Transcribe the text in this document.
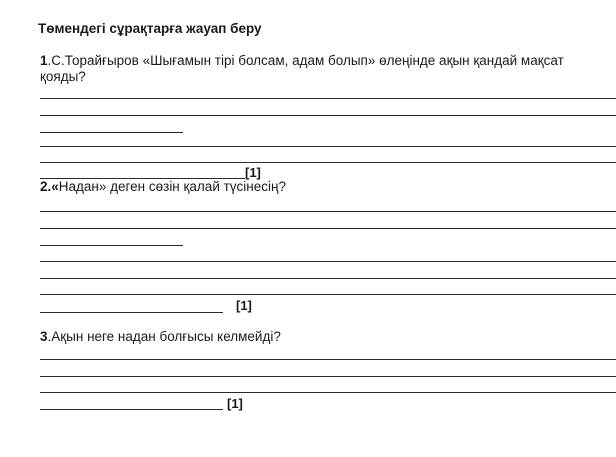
Төмендегі сұрақтарға жауап беру
1.С.Торайғыров «Шығамын тірі болсам, адам болып» өлеңінде ақын қандай мақсат
қояды?
[1]
2.«Надан» деген сөзін қалай түсінесің?
[1]
3.Ақын неге надан болғысы келмейді?
[1]
